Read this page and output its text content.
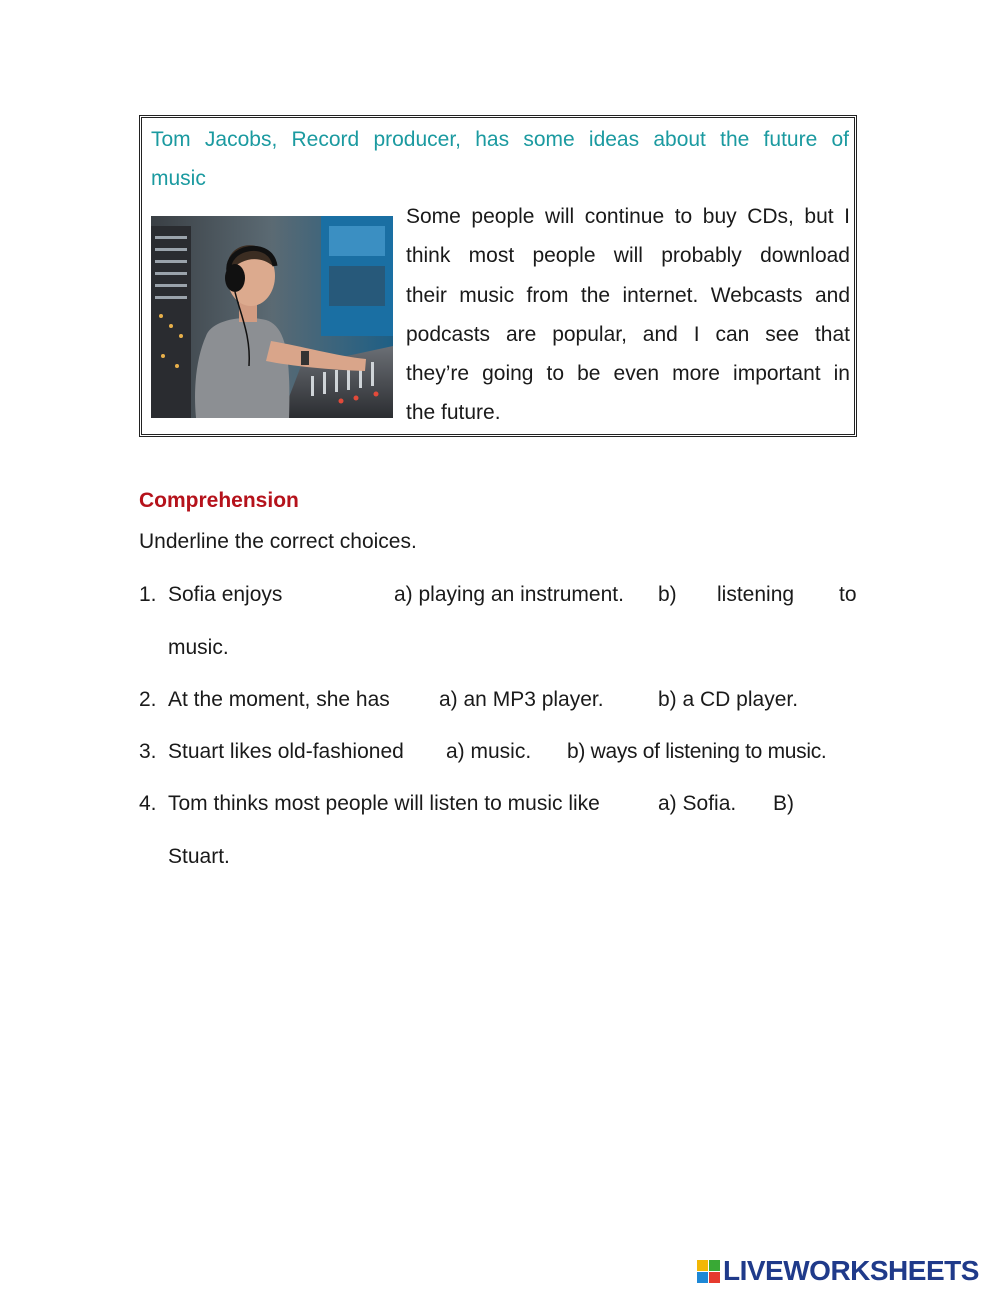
Tom Jacobs, Record producer, has some ideas about the future of
music
Some people will continue to buy CDs, but I
think most people will probably download
their music from the internet. Webcasts and
podcasts are popular, and I can see that
they’re going to be even more important in
the future.
Comprehension
Underline the correct choices.
1. Sofia enjoys	a) playing an instrument. b) listening to
music.
2. At the moment, she has a) an MP3 player.	b) a CD player.
3. Stuart likes old-fashioned a) music. b) ways of listening to music.
4. Tom thinks most people will listen to music like	a) Sofia. B)
Stuart.
LIVEWORKSHEETS
